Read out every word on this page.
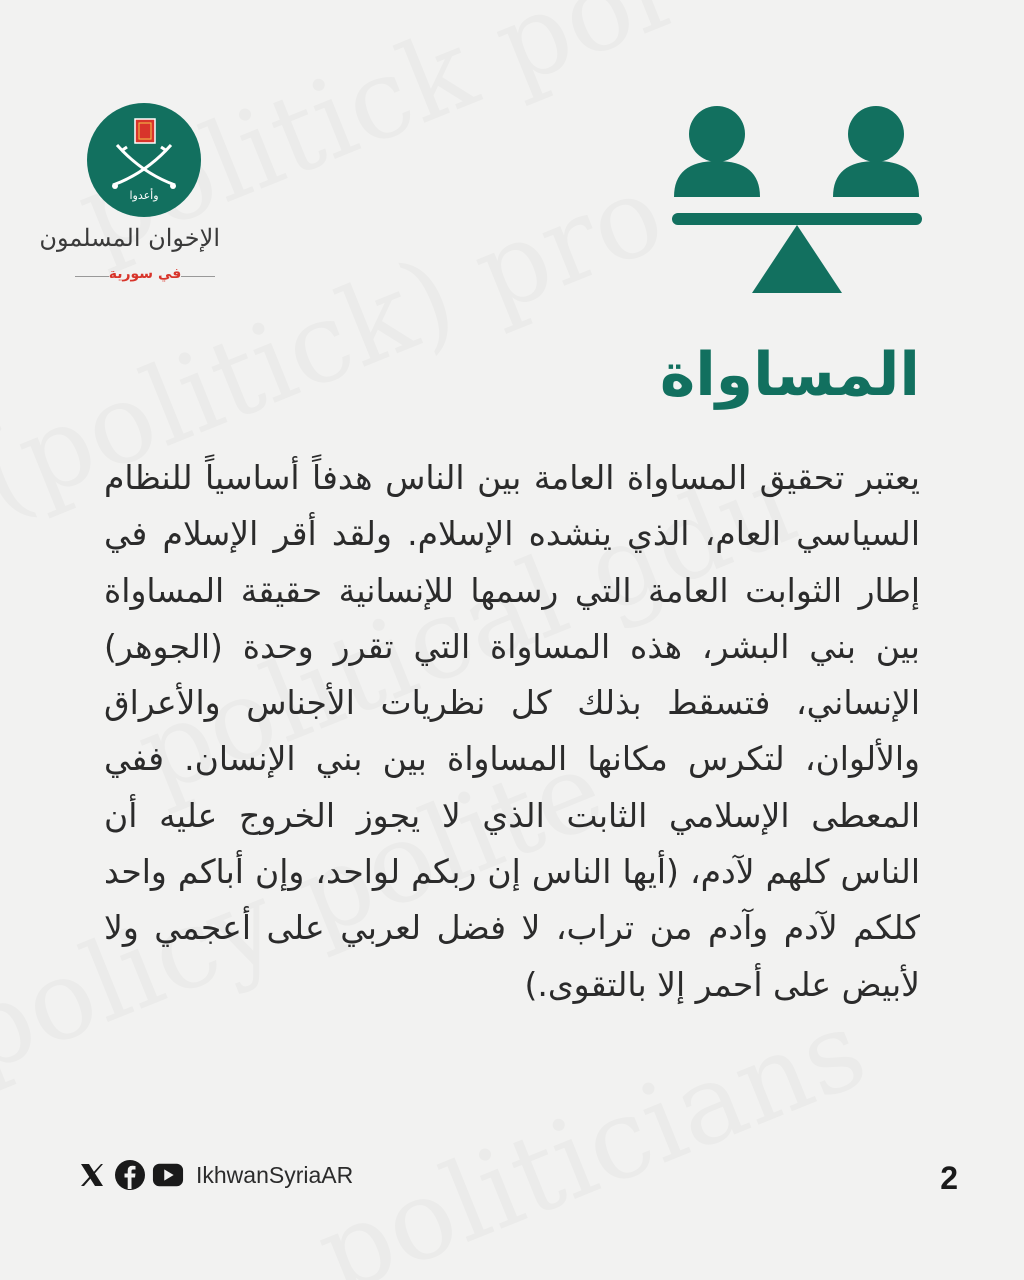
وأعدوا
الإخوان المسلمون
في سورية
المساواة

يعتبر تحقيق المساواة العامة بين الناس هدفاً أساسياً للنظام السياسي العام، الذي ينشده الإسلام. ولقد أقر الإسلام في إطار الثوابت العامة التي رسمها للإنسانية حقيقة المساواة بين بني البشر، هذه المساواة التي تقرر وحدة (الجوهر) الإنساني، فتسقط بذلك كل نظريات الأجناس والأعراق والألوان، لتكرس مكانها المساواة بين بني الإنسان. ففي المعطى الإسلامي الثابت الذي لا يجوز الخروج عليه أن الناس كلهم لآدم، (أيها الناس إن ربكم لواحد، وإن أباكم واحد كلكم لآدم وآدم من تراب، لا فضل لعربي على أعجمي ولا لأبيض على أحمر إلا بالتقوى.)

IkhwanSyriaAR	2
